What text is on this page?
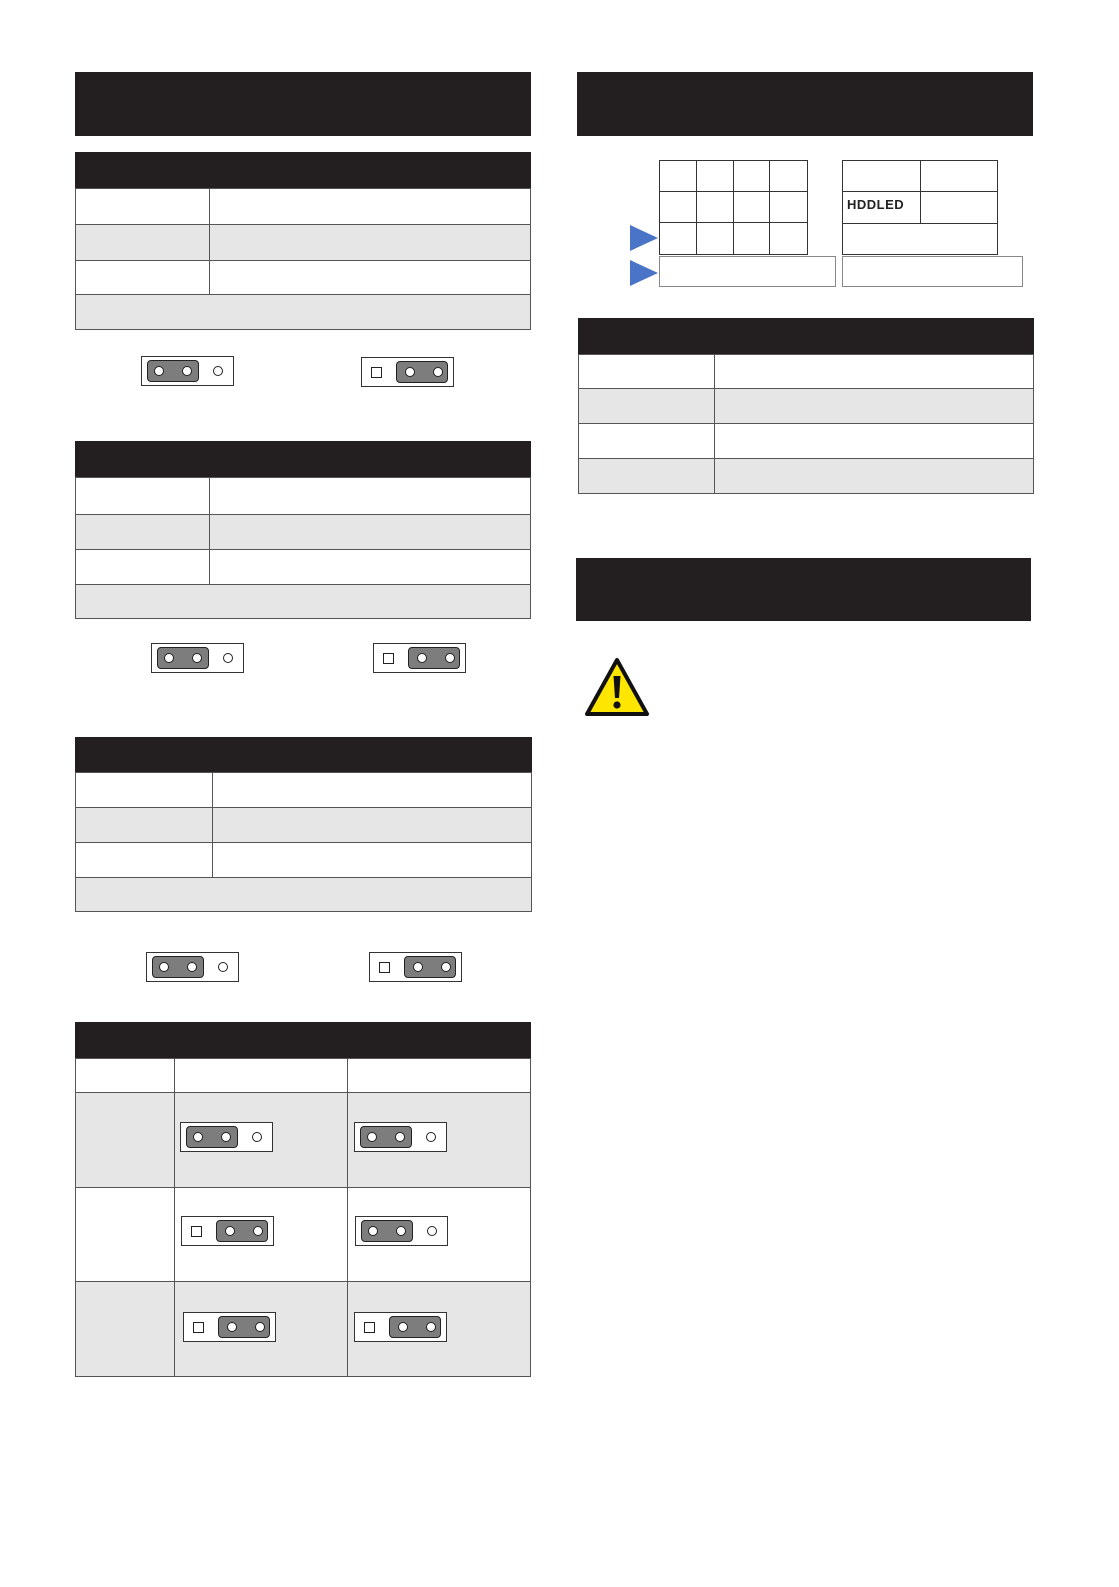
HDDLED
